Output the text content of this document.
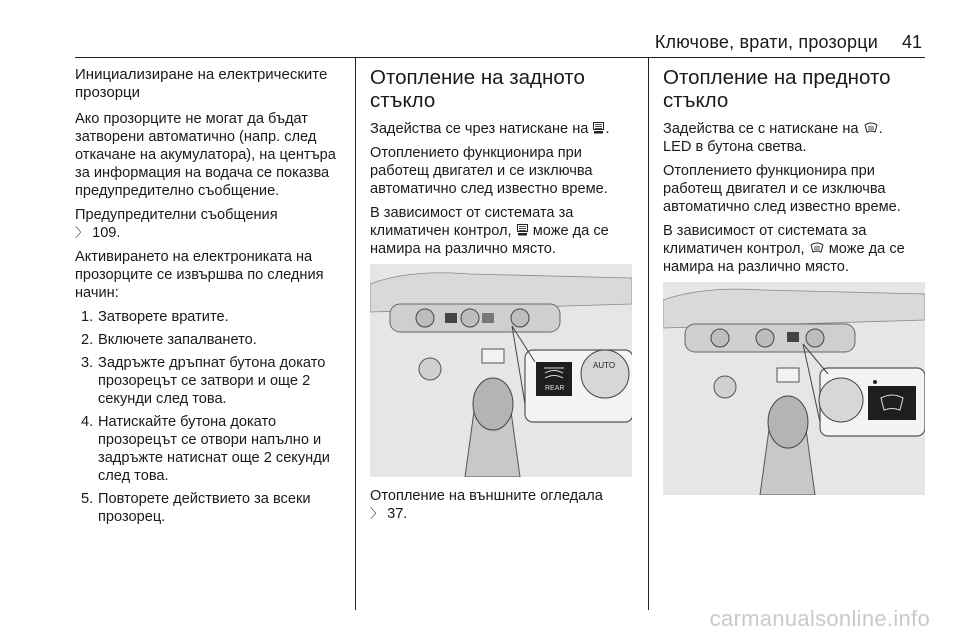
Ключове, врати, прозорци 41
Инициализиране на електрическите прозорци

Ако прозорците не могат да бъдат затворени автоматично (напр. след откачане на акумулатора), на центъра за информация на водача се показва предупредително съобщение.

Предупредителни съобщения
〉 109.

Активирането на електрониката на прозорците се извършва по следния начин:

1. Затворете вратите.
2. Включете запалването.
3. Задръжте дръпнат бутона докато прозорецът се затвори и още 2 секунди след това.
4. Натискайте бутона докато прозорецът се отвори напълно и задръжте натиснат още 2 секунди след това.
5. Повторете действието за всеки прозорец.
Отопление на задното стъкло

Задейства се чрез натискане на .

Отоплението функционира при работещ двигател и се изключва автоматично след известно време.

В зависимост от системата за климатичен контрол, може да се намира на различно място.

REAR
AUTO

Отопление на външните огледала
〉 37.

Отопление на предното стъкло

Задейства се с натискане на .
LED в бутона светва.

Отоплението функционира при работещ двигател и се изключва автоматично след известно време.

В зависимост от системата за климатичен контрол, може да се намира на различно място.

carmanualsonline.info
